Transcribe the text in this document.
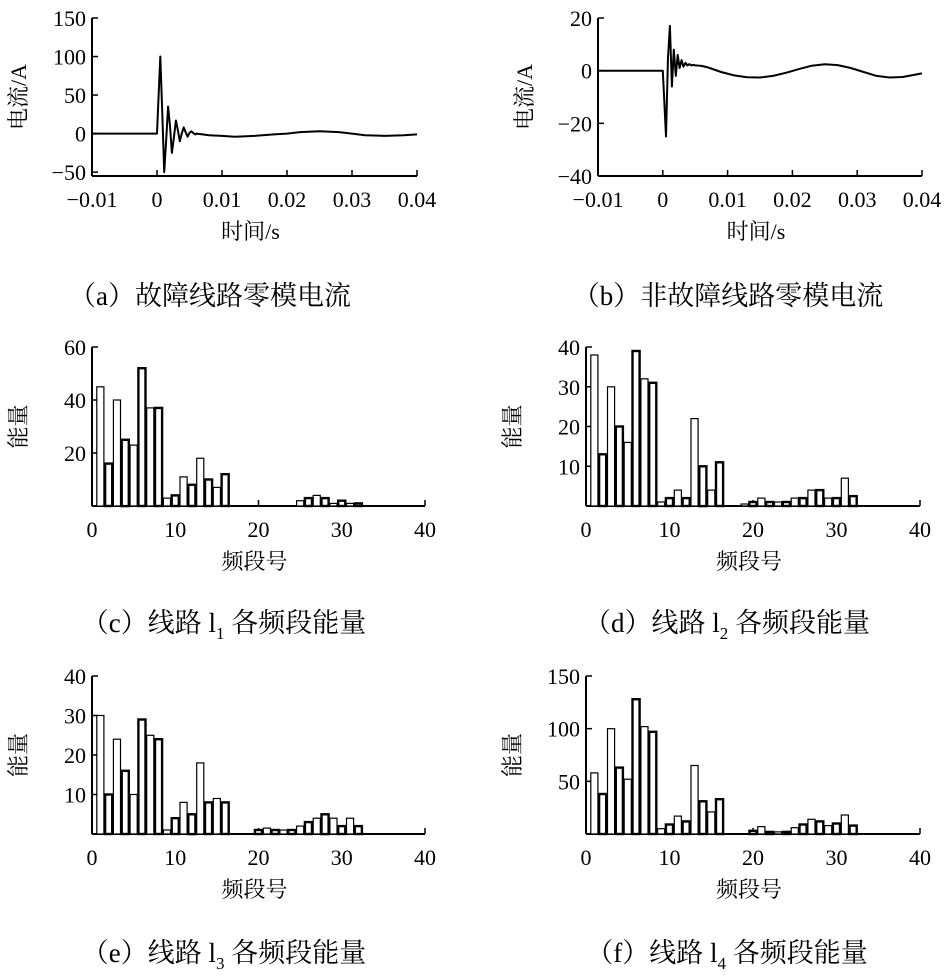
−0.01 0 0.01 0.02 0.03 0.04
−50
0
50
100
150
时间/s
电流/A
（a）故障线路零模电流
−0.01 0 0.01 0.02 0.03 0.04
−40
−20
0
20
时间/s
电流/A
（b）非故障线路零模电流
0	10	20	30	40
20
40
60
频段号
能量
（c）线路 $l_1$ 各频段能量
0	10	20	30	40
10
20
30
40
频段号
能量
（d）线路 $l_2$ 各频段能量
0	10	20	30	40
10
20
30
40
频段号
能量
（e）线路 $l_3$ 各频段能量
0	10	20	30	40
50
100
150
频段号
能量
（f）线路 $l_4$ 各频段能量
